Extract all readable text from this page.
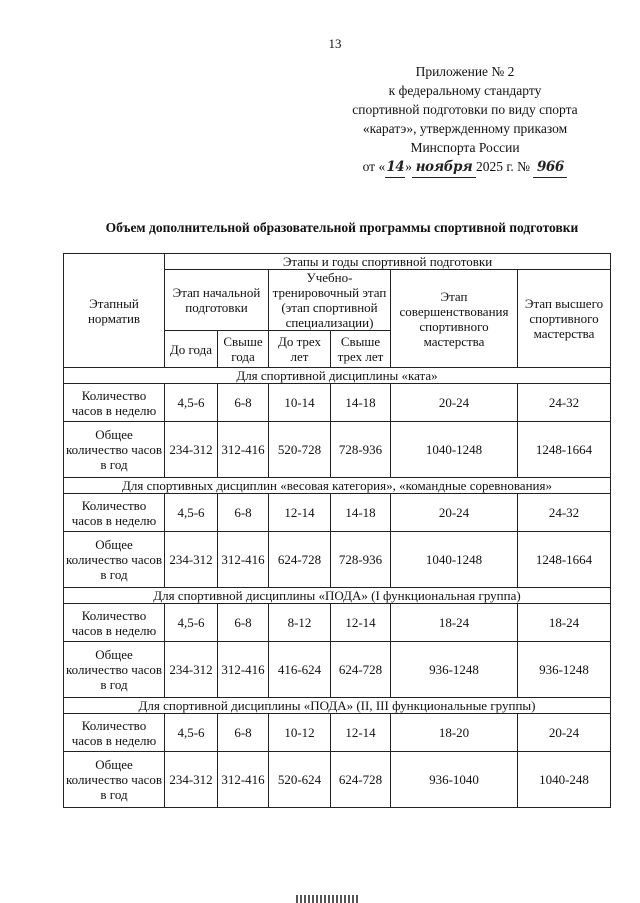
13
Приложение № 2
к федеральному стандарту
спортивной подготовки по виду спорта
«каратэ», утвержденному приказом
Минспорта России
от «14» ноября 2025 г. № 966
Объем дополнительной образовательной программы спортивной подготовки
Этапный норматив	Этапы и годы спортивной подготовки					
	Этап начальной подготовки		Учебно-тренировочный этап (этап спортивной специализации)		Этап совершенствования спортивного мастерства	Этап высшего спортивного мастерства
	До года	Свыше года	До трех лет	Свыше трех лет		
Для спортивной дисциплины «ката»						
Количество часов в неделю	4,5-6	6-8	10-14	14-18	20-24	24-32
Общее количество часов в год	234-312	312-416	520-728	728-936	1040-1248	1248-1664
Для спортивных дисциплин «весовая категория», «командные соревнования»						
Количество часов в неделю	4,5-6	6-8	12-14	14-18	20-24	24-32
Общее количество часов в год	234-312	312-416	624-728	728-936	1040-1248	1248-1664
Для спортивной дисциплины «ПОДА» (I функциональная группа)						
Количество часов в неделю	4,5-6	6-8	8-12	12-14	18-24	18-24
Общее количество часов в год	234-312	312-416	416-624	624-728	936-1248	936-1248
Для спортивной дисциплины «ПОДА» (II, III функциональные группы)						
Количество часов в неделю	4,5-6	6-8	10-12	12-14	18-20	20-24
Общее количество часов в год	234-312	312-416	520-624	624-728	936-1040	1040-248
